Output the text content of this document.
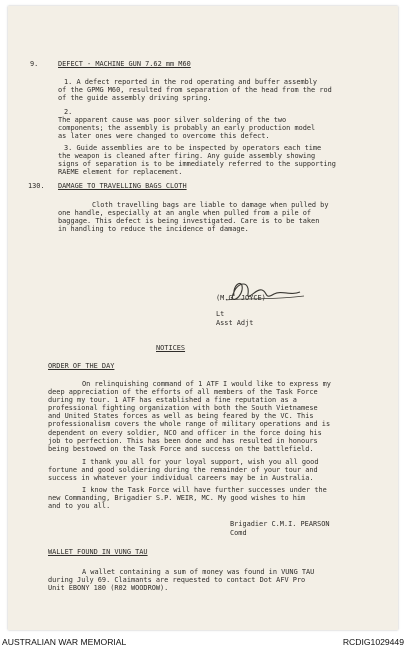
9.	DEFECT - MACHINE GUN 7.62 mm M60
1. A defect reported in the rod operating and buffer assembly
of the GPMG M60, resulted from separation of the head from the rod
of the guide assembly driving spring.
2.
The apparent cause was poor silver soldering of the two
components; the assembly is probably an early production model
as later ones were changed to overcome this defect.
3. Guide assemblies are to be inspected by operators each time
the weapon is cleaned after firing. Any guide assembly showing
signs of separation is to be immediately referred to the supporting
RAEME element for replacement.
130. DAMAGE TO TRAVELLING BAGS CLOTH
Cloth travelling bags are liable to damage when pulled by
one handle, especially at an angle when pulled from a pile of
baggage. This defect is being investigated. Care is to be taken
in handling to reduce the incidence of damage.
(M.G. JOYCE)
Lt
Asst Adjt
NOTICES
ORDER OF THE DAY
On relinquishing command of 1 ATF I would like to express my
deep appreciation of the efforts of all members of the Task Force
during my tour. 1 ATF has established a fine reputation as a
professional fighting organization with both the South Vietnamese
and United States forces as well as being feared by the VC. This
professionalism covers the whole range of military operations and is
dependent on every soldier, NCO and officer in the force doing his
job to perfection. This has been done and has resulted in honours
being bestowed on the Task Force and success on the battlefield.
I thank you all for your loyal support, wish you all good
fortune and good soldiering during the remainder of your tour and
success in whatever your individual careers may be in Australia.
I know the Task Force will have further successes under the
new Commanding, Brigadier S.P. WEIR, MC. My good wishes to him
and to you all.
Brigadier C.M.I. PEARSON
Comd
WALLET FOUND IN VUNG TAU
A wallet containing a sum of money was found in VUNG TAU
during July 69. Claimants are requested to contact Dot AFV Pro
Unit EBONY 180 (R02 WOODROW).
AUSTRALIAN WAR MEMORIAL	RCDIG1029449
